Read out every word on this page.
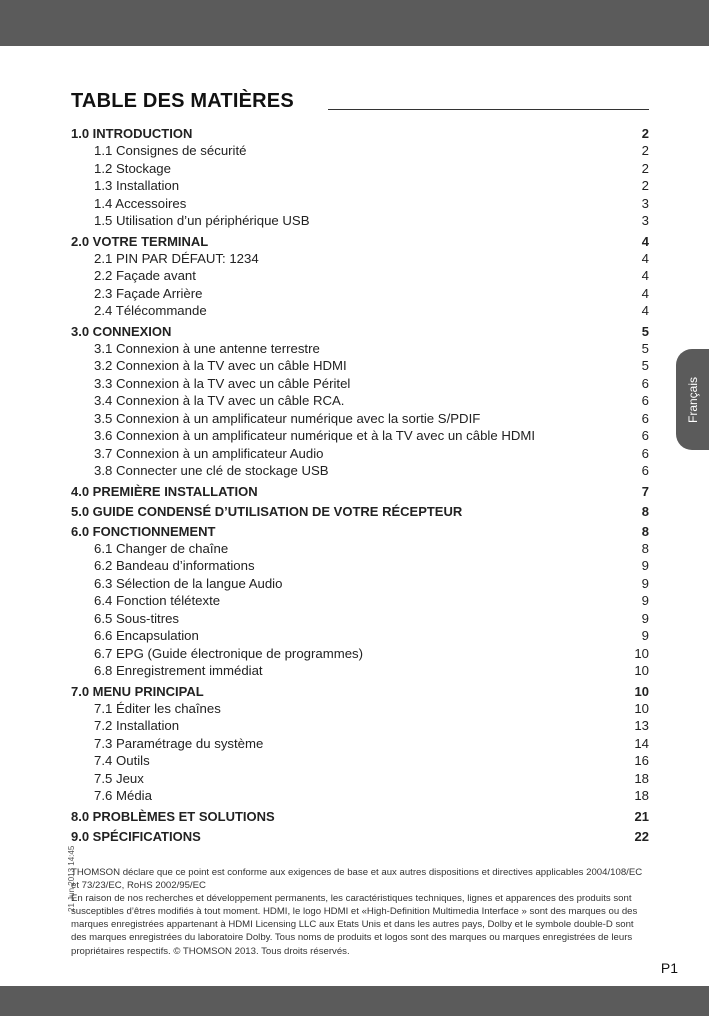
TABLE DES MATIÈRES
1.0 INTRODUCTION	2
1.1 Consignes de sécurité	2
1.2 Stockage	2
1.3 Installation	2
1.4 Accessoires	3
1.5 Utilisation d’un périphérique USB	3
2.0 VOTRE TERMINAL	4
2.1 PIN PAR DÉFAUT: 1234	4
2.2 Façade avant	4
2.3 Façade Arrière	4
2.4 Télécommande	4
3.0 CONNEXION	5
3.1 Connexion à une antenne terrestre	5
3.2 Connexion à la TV avec un câble HDMI	5
3.3 Connexion à la TV avec un câble Péritel	6
3.4 Connexion à la TV avec un câble RCA.	6
3.5 Connexion à un amplificateur numérique avec la sortie S/PDIF	6
3.6 Connexion à un amplificateur numérique et à la TV avec un câble HDMI	6
3.7 Connexion à un amplificateur Audio	6
3.8 Connecter une clé de stockage USB	6
4.0 PREMIÈRE INSTALLATION	7
5.0 GUIDE CONDENSÉ D’UTILISATION DE VOTRE RÉCEPTEUR	8
6.0 FONCTIONNEMENT	8
6.1 Changer de chaîne	8
6.2 Bandeau d’informations	9
6.3 Sélection de la langue Audio	9
6.4 Fonction télétexte	9
6.5 Sous-titres	9
6.6 Encapsulation	9
6.7 EPG (Guide électronique de programmes)	10
6.8 Enregistrement immédiat	10
7.0 MENU PRINCIPAL	10
7.1 Éditer les chaînes	10
7.2 Installation	13
7.3 Paramétrage du système	14
7.4 Outils	16
7.5 Jeux	18
7.6 Média	18
8.0 PROBLÈMES ET SOLUTIONS	21
9.0 SPÉCIFICATIONS	22
Français
21 Jun 2013 14:45

THOMSON déclare que ce point est conforme aux exigences de base et aux autres dispositions et directives applicables 2004/108/EC et 73/23/EC, RoHS 2002/95/EC

En raison de nos recherches et développement permanents, les caractéristiques techniques, lignes et apparences des produits sont susceptibles d’êtres modifiés à tout moment. HDMI, le logo HDMI et «High-Definition Multimedia Interface » sont des marques ou des marques enregistrées appartenant à HDMI Licensing LLC aux Etats Unis et dans les autres pays, Dolby et le symbole double-D sont des marques enregistrées du laboratoire Dolby. Tous noms de produits et logos sont des marques ou marques enregistrées de leurs propriétaires respectifs. © THOMSON 2013. Tous droits réservés.

P1
